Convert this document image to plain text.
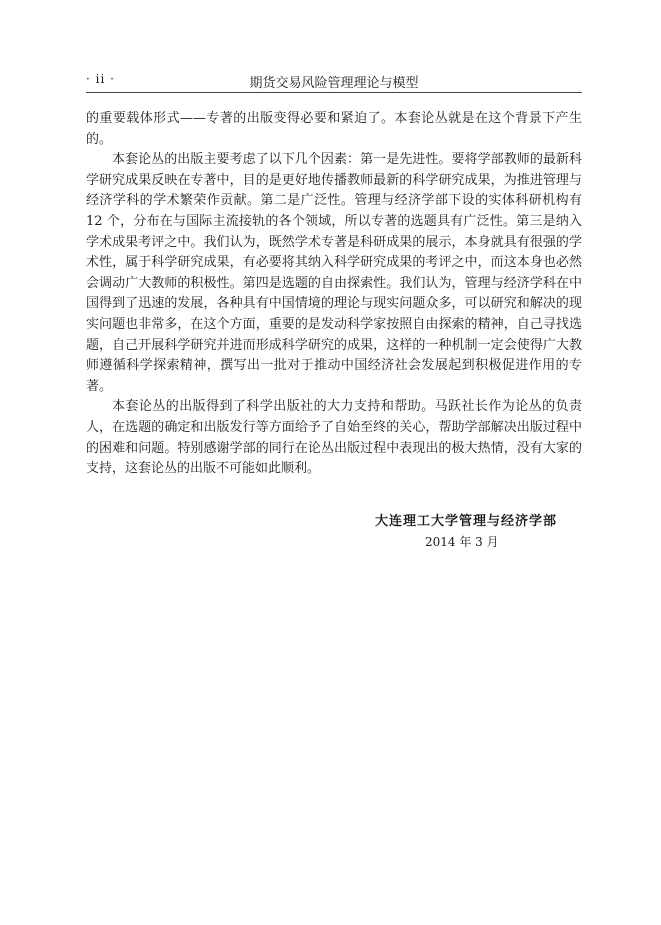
· ii ·	期货交易风险管理理论与模型

的重要载体形式——专著的出版变得必要和紧迫了。本套论丛就是在这个背景下产生的。

本套论丛的出版主要考虑了以下几个因素：第一是先进性。要将学部教师的最新科学研究成果反映在专著中，目的是更好地传播教师最新的科学研究成果，为推进管理与经济学科的学术繁荣作贡献。第二是广泛性。管理与经济学部下设的实体科研机构有 12 个，分布在与国际主流接轨的各个领域，所以专著的选题具有广泛性。第三是纳入学术成果考评之中。我们认为，既然学术专著是科研成果的展示，本身就具有很强的学术性，属于科学研究成果，有必要将其纳入科学研究成果的考评之中，而这本身也必然会调动广大教师的积极性。第四是选题的自由探索性。我们认为，管理与经济学科在中国得到了迅速的发展，各种具有中国情境的理论与现实问题众多，可以研究和解决的现实问题也非常多，在这个方面，重要的是发动科学家按照自由探索的精神，自己寻找选题，自己开展科学研究并进而形成科学研究的成果，这样的一种机制一定会使得广大教师遵循科学探索精神，撰写出一批对于推动中国经济社会发展起到积极促进作用的专著。

本套论丛的出版得到了科学出版社的大力支持和帮助。马跃社长作为论丛的负责人，在选题的确定和出版发行等方面给予了自始至终的关心，帮助学部解决出版过程中的困难和问题。特别感谢学部的同行在论丛出版过程中表现出的极大热情，没有大家的支持，这套论丛的出版不可能如此顺利。

大连理工大学管理与经济学部
2014 年 3 月
